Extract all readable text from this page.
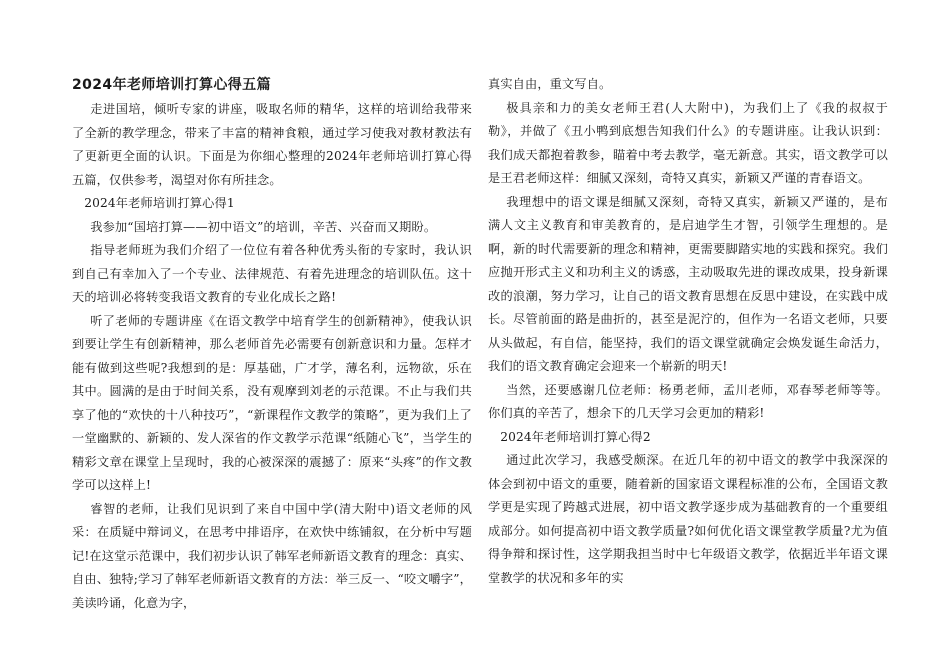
2024年老师培训打算心得五篇

走进国培，倾听专家的讲座，吸取名师的精华，这样的培训给我带来了全新的教学理念，带来了丰富的精神食粮，通过学习使我对教材教法有了更新更全面的认识。下面是为你细心整理的2024年老师培训打算心得五篇，仅供参考，渴望对你有所挂念。

2024年老师培训打算心得1

我参加“国培打算——初中语文”的培训，辛苦、兴奋而又期盼。

指导老师班为我们介绍了一位位有着各种优秀头衔的专家时，我认识到自己有幸加入了一个专业、法律规范、有着先进理念的培训队伍。这十天的培训必将转变我语文教育的专业化成长之路!

听了老师的专题讲座《在语文教学中培育学生的创新精神》，使我认识到要让学生有创新精神，那么老师首先必需要有创新意识和力量。怎样才能有做到这些呢?我想到的是：厚基础，广才学，薄名利，远物欲，乐在其中。圆满的是由于时间关系，没有观摩到刘老的示范课。不止与我们共享了他的“欢快的十八种技巧”，“新课程作文教学的策略”，更为我们上了一堂幽默的、新颖的、发人深省的作文教学示范课“纸随心飞”，当学生的精彩文章在课堂上呈现时，我的心被深深的震撼了：原来“头疼”的作文教学可以这样上!

睿智的老师，让我们见识到了来自中国中学(清大附中)语文老师的风采：在质疑中辩词义，在思考中排语序，在欢快中练铺叙，在分析中写题记!在这堂示范课中，我们初步认识了韩军老师新语文教育的理念：真实、自由、独特;学习了韩军老师新语文教育的方法：举三反一、“咬文嚼字”，美读吟诵，化意为字，

真实自由，重文写自。

极具亲和力的美女老师王君(人大附中)，为我们上了《我的叔叔于勒》，并做了《丑小鸭到底想告知我们什么》的专题讲座。让我认识到：我们成天都抱着教参，瞄着中考去教学，毫无新意。其实，语文教学可以是王君老师这样：细腻又深刻，奇特又真实，新颖又严谨的青春语文。

我理想中的语文课是细腻又深刻，奇特又真实，新颖又严谨的，是布满人文主义教育和审美教育的，是启迪学生才智，引领学生理想的。是啊，新的时代需要新的理念和精神，更需要脚踏实地的实践和探究。我们应抛开形式主义和功利主义的诱惑，主动吸取先进的课改成果，投身新课改的浪潮，努力学习，让自己的语文教育思想在反思中建设，在实践中成长。尽管前面的路是曲折的，甚至是泥泞的，但作为一名语文老师，只要从头做起，有自信，能坚持，我们的语文课堂就确定会焕发诞生命活力，我们的语文教育确定会迎来一个崭新的明天!

当然，还要感谢几位老师：杨勇老师，孟川老师，邓春琴老师等等。你们真的辛苦了，想余下的几天学习会更加的精彩!

2024年老师培训打算心得2

通过此次学习，我感受颇深。在近几年的初中语文的教学中我深深的体会到初中语文的重要，随着新的国家语文课程标准的公布，全国语文教学更是实现了跨越式进展，初中语文教学逐步成为基础教育的一个重要组成部分。如何提高初中语文教学质量?如何优化语文课堂教学质量?尤为值得争辩和探讨性，这学期我担当时中七年级语文教学，依据近半年语文课堂教学的状况和多年的实
